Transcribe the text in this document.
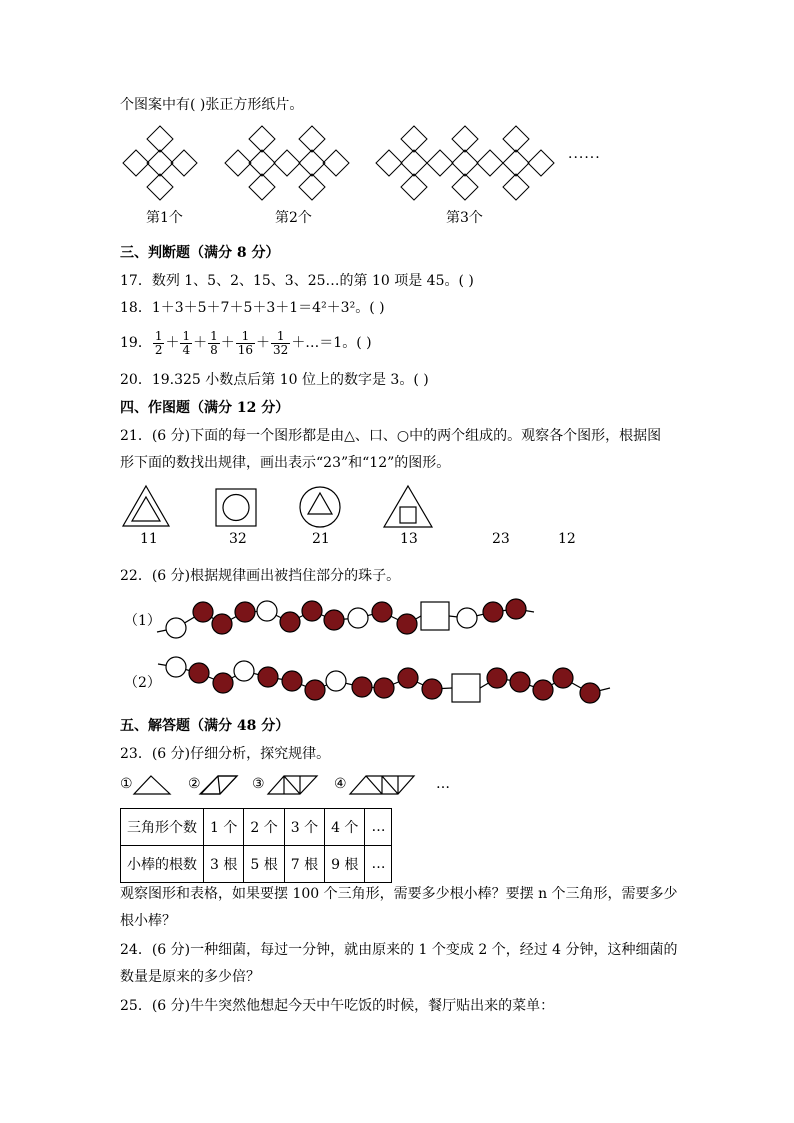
个图案中有( )张正方形纸片。
······
第1个	第2个	第3个
三、判断题（满分 8 分）
17．数列 1、5、2、15、3、25…的第 10 项是 45。( )
18．1＋3＋5＋7＋5＋3＋1＝4²＋3²。( )
19． $\frac{1}{2} + \frac{1}{4} + \frac{1}{8} + \frac{1}{16} + \frac{1}{32}$ ＋…＝1。( )
20．19.325 小数点后第 10 位上的数字是 3。( )
四、作图题（满分 12 分）
21．(6 分)下面的每一个图形都是由△、口、○中的两个组成的。观察各个图形，根据图
形下面的数找出规律，画出表示“23”和“12”的图形。
11	32	21	13	23	12
22．(6 分)根据规律画出被挡住部分的珠子。
（1）
（2）
五、解答题（满分 48 分）
23．(6 分)仔细分析，探究规律。
①	②	③	④	…
三角形个数	1 个	2 个	3 个	4 个	…
小棒的根数	3 根	5 根	7 根	9 根	…
观察图形和表格，如果要摆 100 个三角形，需要多少根小棒？要摆 n 个三角形，需要多少
根小棒？
24．(6 分)一种细菌，每过一分钟，就由原来的 1 个变成 2 个，经过 4 分钟，这种细菌的
数量是原来的多少倍？
25．(6 分)牛牛突然他想起今天中午吃饭的时候，餐厅贴出来的菜单：
